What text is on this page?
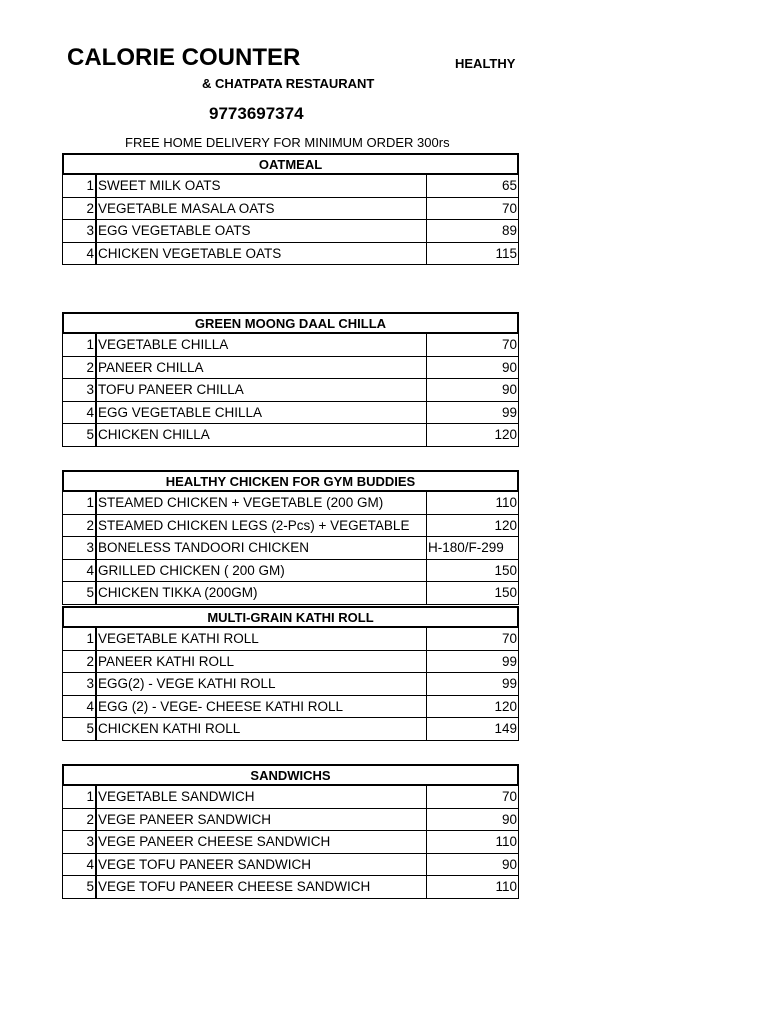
CALORIE COUNTER	HEALTHY
& CHATPATA RESTAURANT
9773697374
FREE HOME DELIVERY FOR MINIMUM ORDER 300rs
OATMEAL
1 SWEET MILK OATS	65
2 VEGETABLE MASALA OATS	70
3 EGG VEGETABLE OATS	89
4 CHICKEN VEGETABLE OATS	115
GREEN MOONG DAAL CHILLA
1 VEGETABLE CHILLA	70
2 PANEER CHILLA	90
3 TOFU PANEER CHILLA	90
4 EGG VEGETABLE CHILLA	99
5 CHICKEN CHILLA	120
HEALTHY CHICKEN FOR GYM BUDDIES
1 STEAMED CHICKEN + VEGETABLE (200 GM)	110
2 STEAMED CHICKEN LEGS (2-Pcs) + VEGETABLE	120
3 BONELESS TANDOORI CHICKEN	H-180/F-299
4 GRILLED CHICKEN ( 200 GM)	150
5 CHICKEN TIKKA (200GM)	150
MULTI-GRAIN KATHI ROLL
1 VEGETABLE KATHI ROLL	70
2 PANEER KATHI ROLL	99
3 EGG(2) - VEGE KATHI ROLL	99
4 EGG (2) - VEGE- CHEESE KATHI ROLL	120
5 CHICKEN KATHI ROLL	149
SANDWICHS
1 VEGETABLE SANDWICH	70
2 VEGE PANEER SANDWICH	90
3 VEGE PANEER CHEESE SANDWICH	110
4 VEGE TOFU PANEER SANDWICH	90
5 VEGE TOFU PANEER CHEESE SANDWICH	110
